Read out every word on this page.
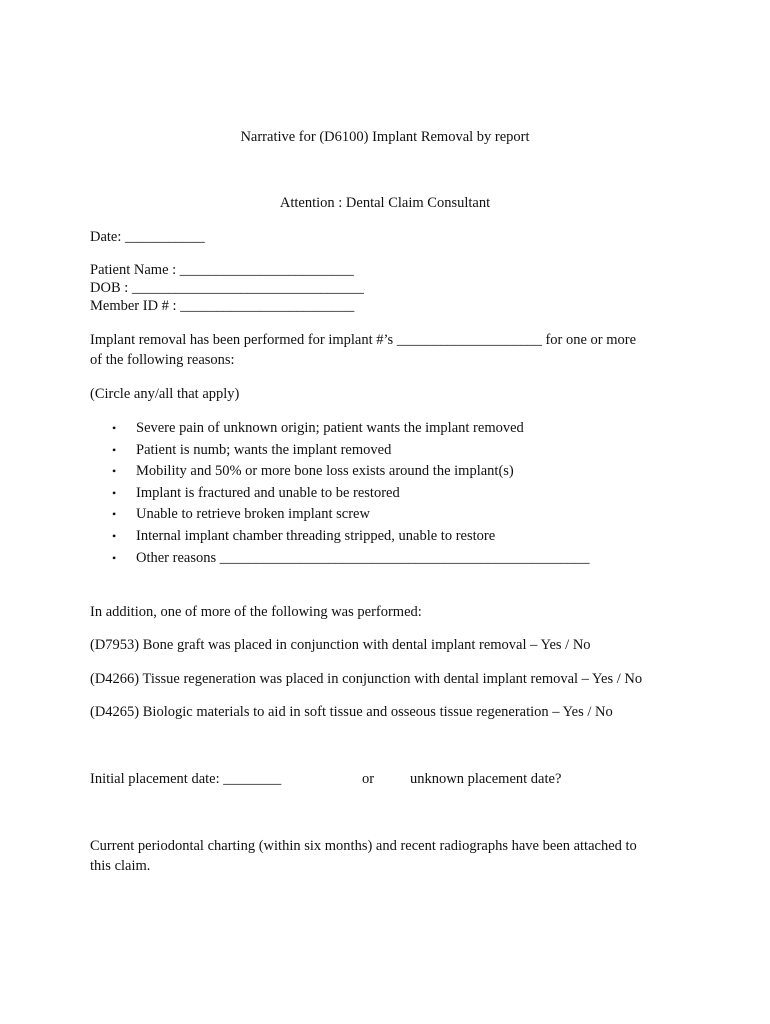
Narrative for (D6100) Implant Removal by report
Attention : Dental Claim Consultant
Date: ___________
Patient Name : ________________________
DOB : ________________________________
Member ID # : ________________________
Implant removal has been performed for implant #’s ____________________ for one or more
of the following reasons:
(Circle any/all that apply)
• Severe pain of unknown origin; patient wants the implant removed
• Patient is numb; wants the implant removed
• Mobility and 50% or more bone loss exists around the implant(s)
• Implant is fractured and unable to be restored
• Unable to retrieve broken implant screw
• Internal implant chamber threading stripped, unable to restore
• Other reasons ___________________________________________________
In addition, one of more of the following was performed:
(D7953) Bone graft was placed in conjunction with dental implant removal – Yes / No
(D4266) Tissue regeneration was placed in conjunction with dental implant removal – Yes / No
(D4265) Biologic materials to aid in soft tissue and osseous tissue regeneration – Yes / No
Initial placement date: ________	or unknown placement date?
Current periodontal charting (within six months) and recent radiographs have been attached to
this claim.
